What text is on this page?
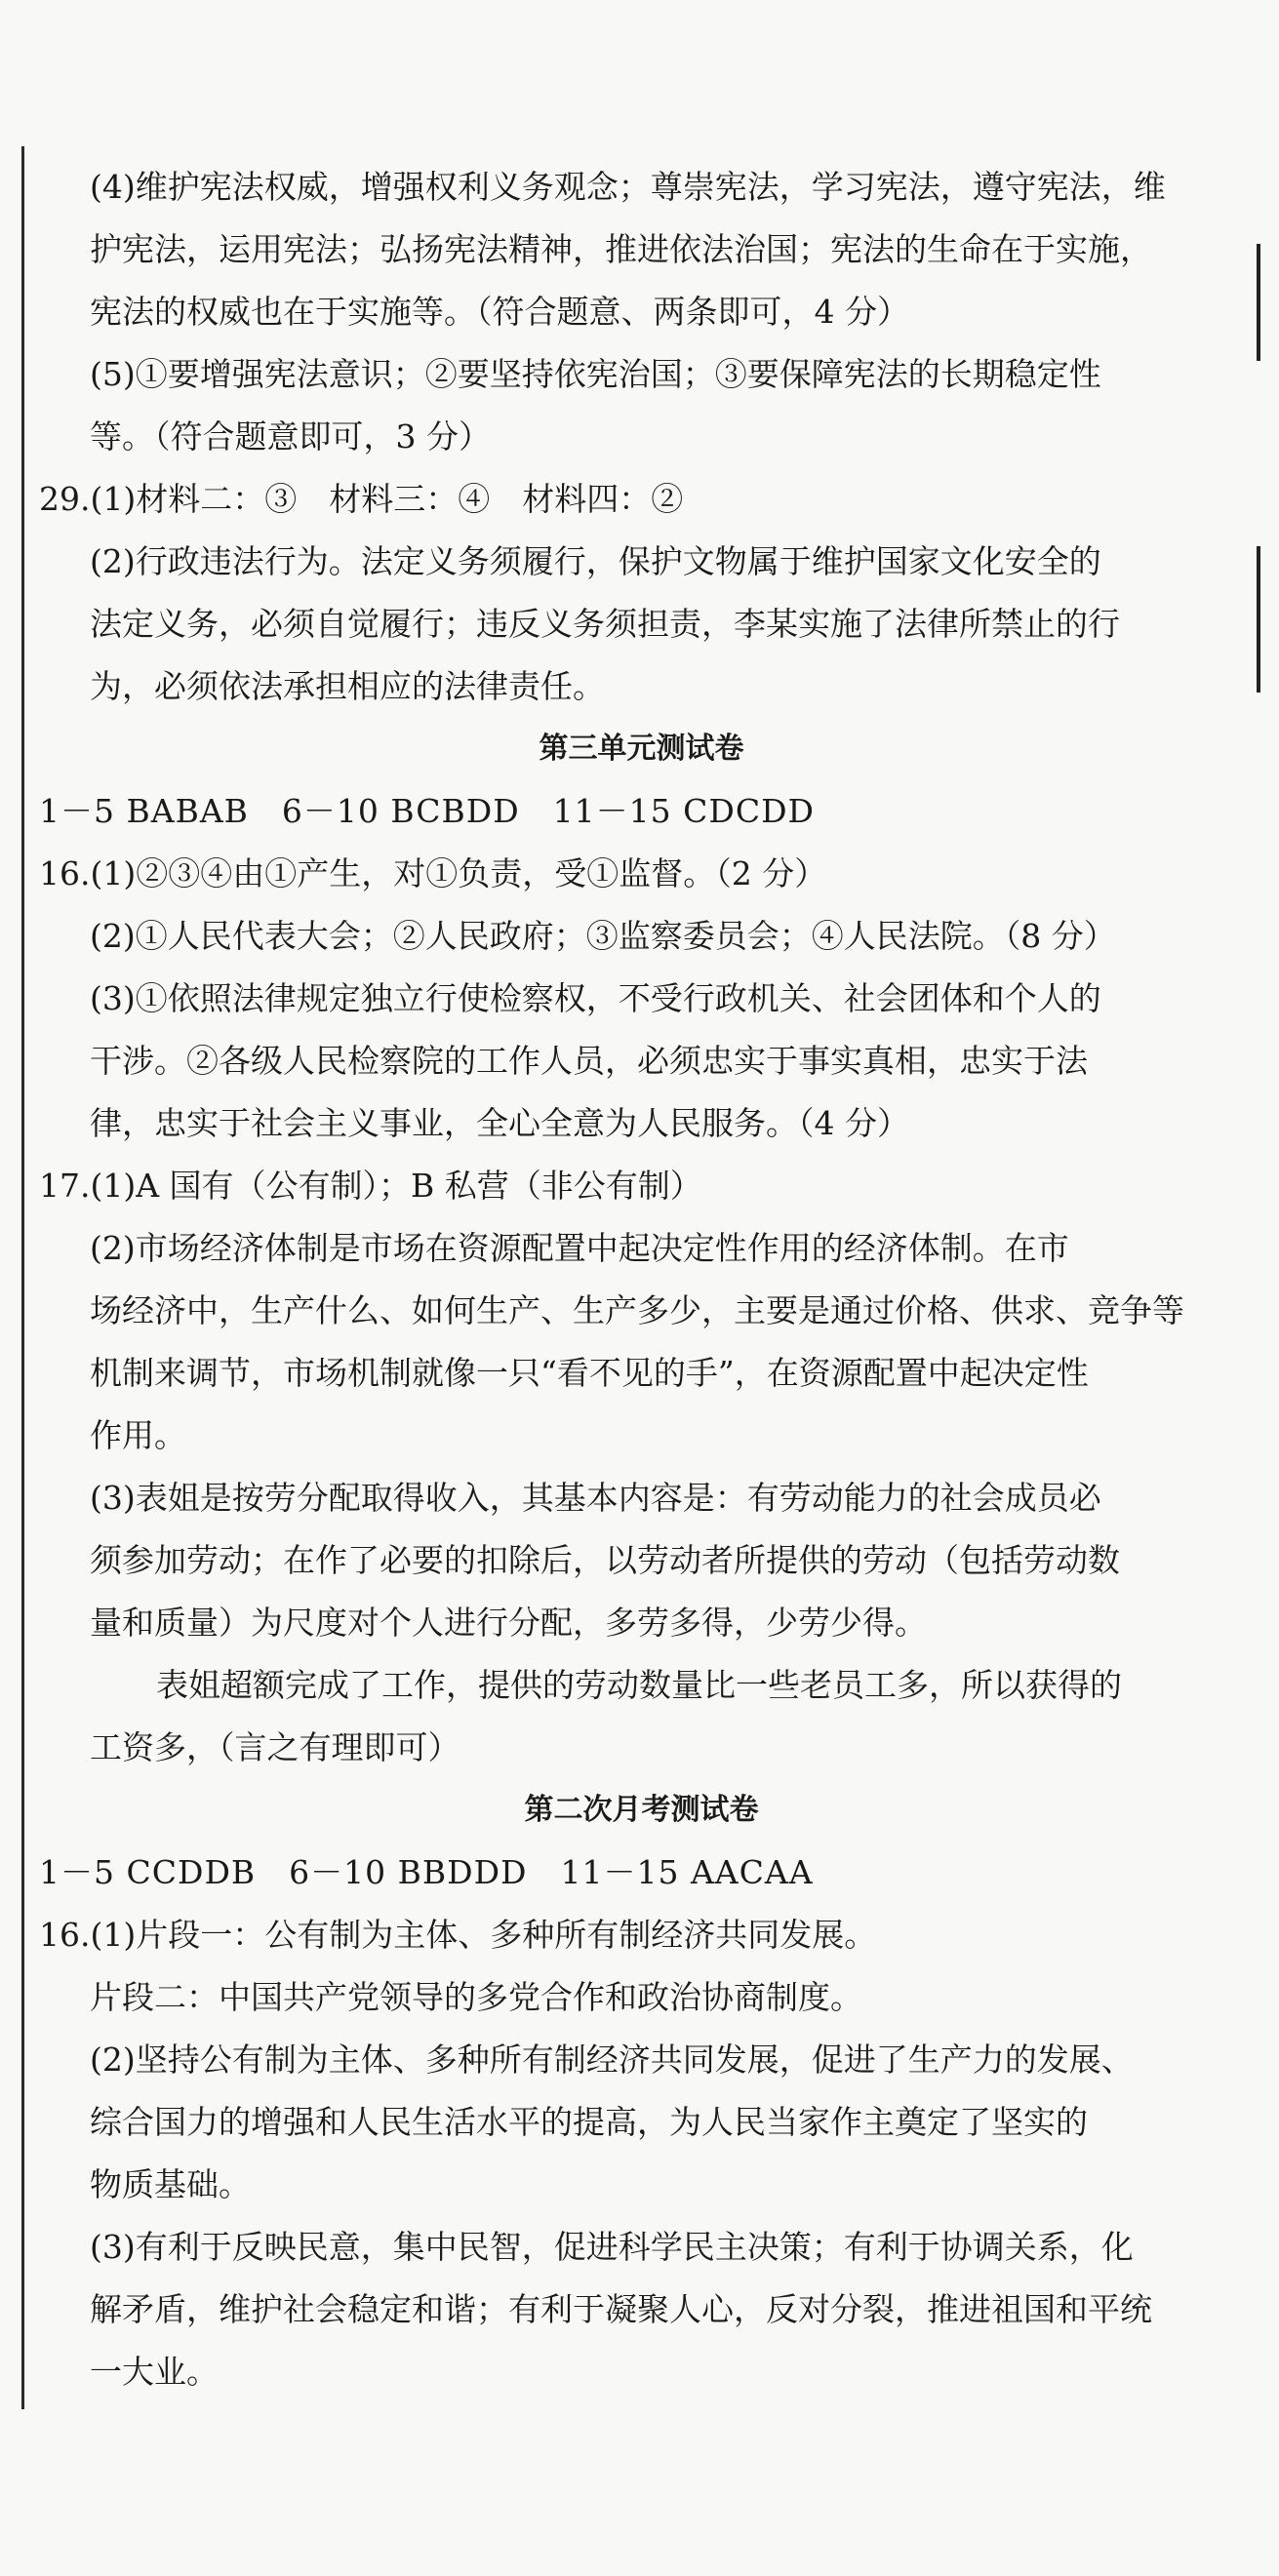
(4)维护宪法权威，增强权利义务观念；尊崇宪法，学习宪法，遵守宪法，维
护宪法，运用宪法；弘扬宪法精神，推进依法治国；宪法的生命在于实施，
宪法的权威也在于实施等。（符合题意、两条即可，4 分）
(5)①要增强宪法意识；②要坚持依宪治国；③要保障宪法的长期稳定性
等。（符合题意即可，3 分）
29.(1)材料二：③　材料三：④　材料四：②
(2)行政违法行为。法定义务须履行，保护文物属于维护国家文化安全的
法定义务，必须自觉履行；违反义务须担责，李某实施了法律所禁止的行
为，必须依法承担相应的法律责任。
第三单元测试卷
1－5 BABAB　6－10 BCBDD　11－15 CDCDD
16.(1)②③④由①产生，对①负责，受①监督。（2 分）
(2)①人民代表大会；②人民政府；③监察委员会；④人民法院。（8 分）
(3)①依照法律规定独立行使检察权，不受行政机关、社会团体和个人的
干涉。②各级人民检察院的工作人员，必须忠实于事实真相，忠实于法
律，忠实于社会主义事业，全心全意为人民服务。（4 分）
17.(1)A 国有（公有制）；B 私营（非公有制）
(2)市场经济体制是市场在资源配置中起决定性作用的经济体制。在市
场经济中，生产什么、如何生产、生产多少，主要是通过价格、供求、竞争等
机制来调节，市场机制就像一只“看不见的手”，在资源配置中起决定性
作用。
(3)表姐是按劳分配取得收入，其基本内容是：有劳动能力的社会成员必
须参加劳动；在作了必要的扣除后，以劳动者所提供的劳动（包括劳动数
量和质量）为尺度对个人进行分配，多劳多得，少劳少得。
表姐超额完成了工作，提供的劳动数量比一些老员工多，所以获得的
工资多，（言之有理即可）
第二次月考测试卷
1－5 CCDDB　6－10 BBDDD　11－15 AACAA
16.(1)片段一：公有制为主体、多种所有制经济共同发展。
片段二：中国共产党领导的多党合作和政治协商制度。
(2)坚持公有制为主体、多种所有制经济共同发展，促进了生产力的发展、
综合国力的增强和人民生活水平的提高，为人民当家作主奠定了坚实的
物质基础。
(3)有利于反映民意，集中民智，促进科学民主决策；有利于协调关系，化
解矛盾，维护社会稳定和谐；有利于凝聚人心，反对分裂，推进祖国和平统
一大业。
